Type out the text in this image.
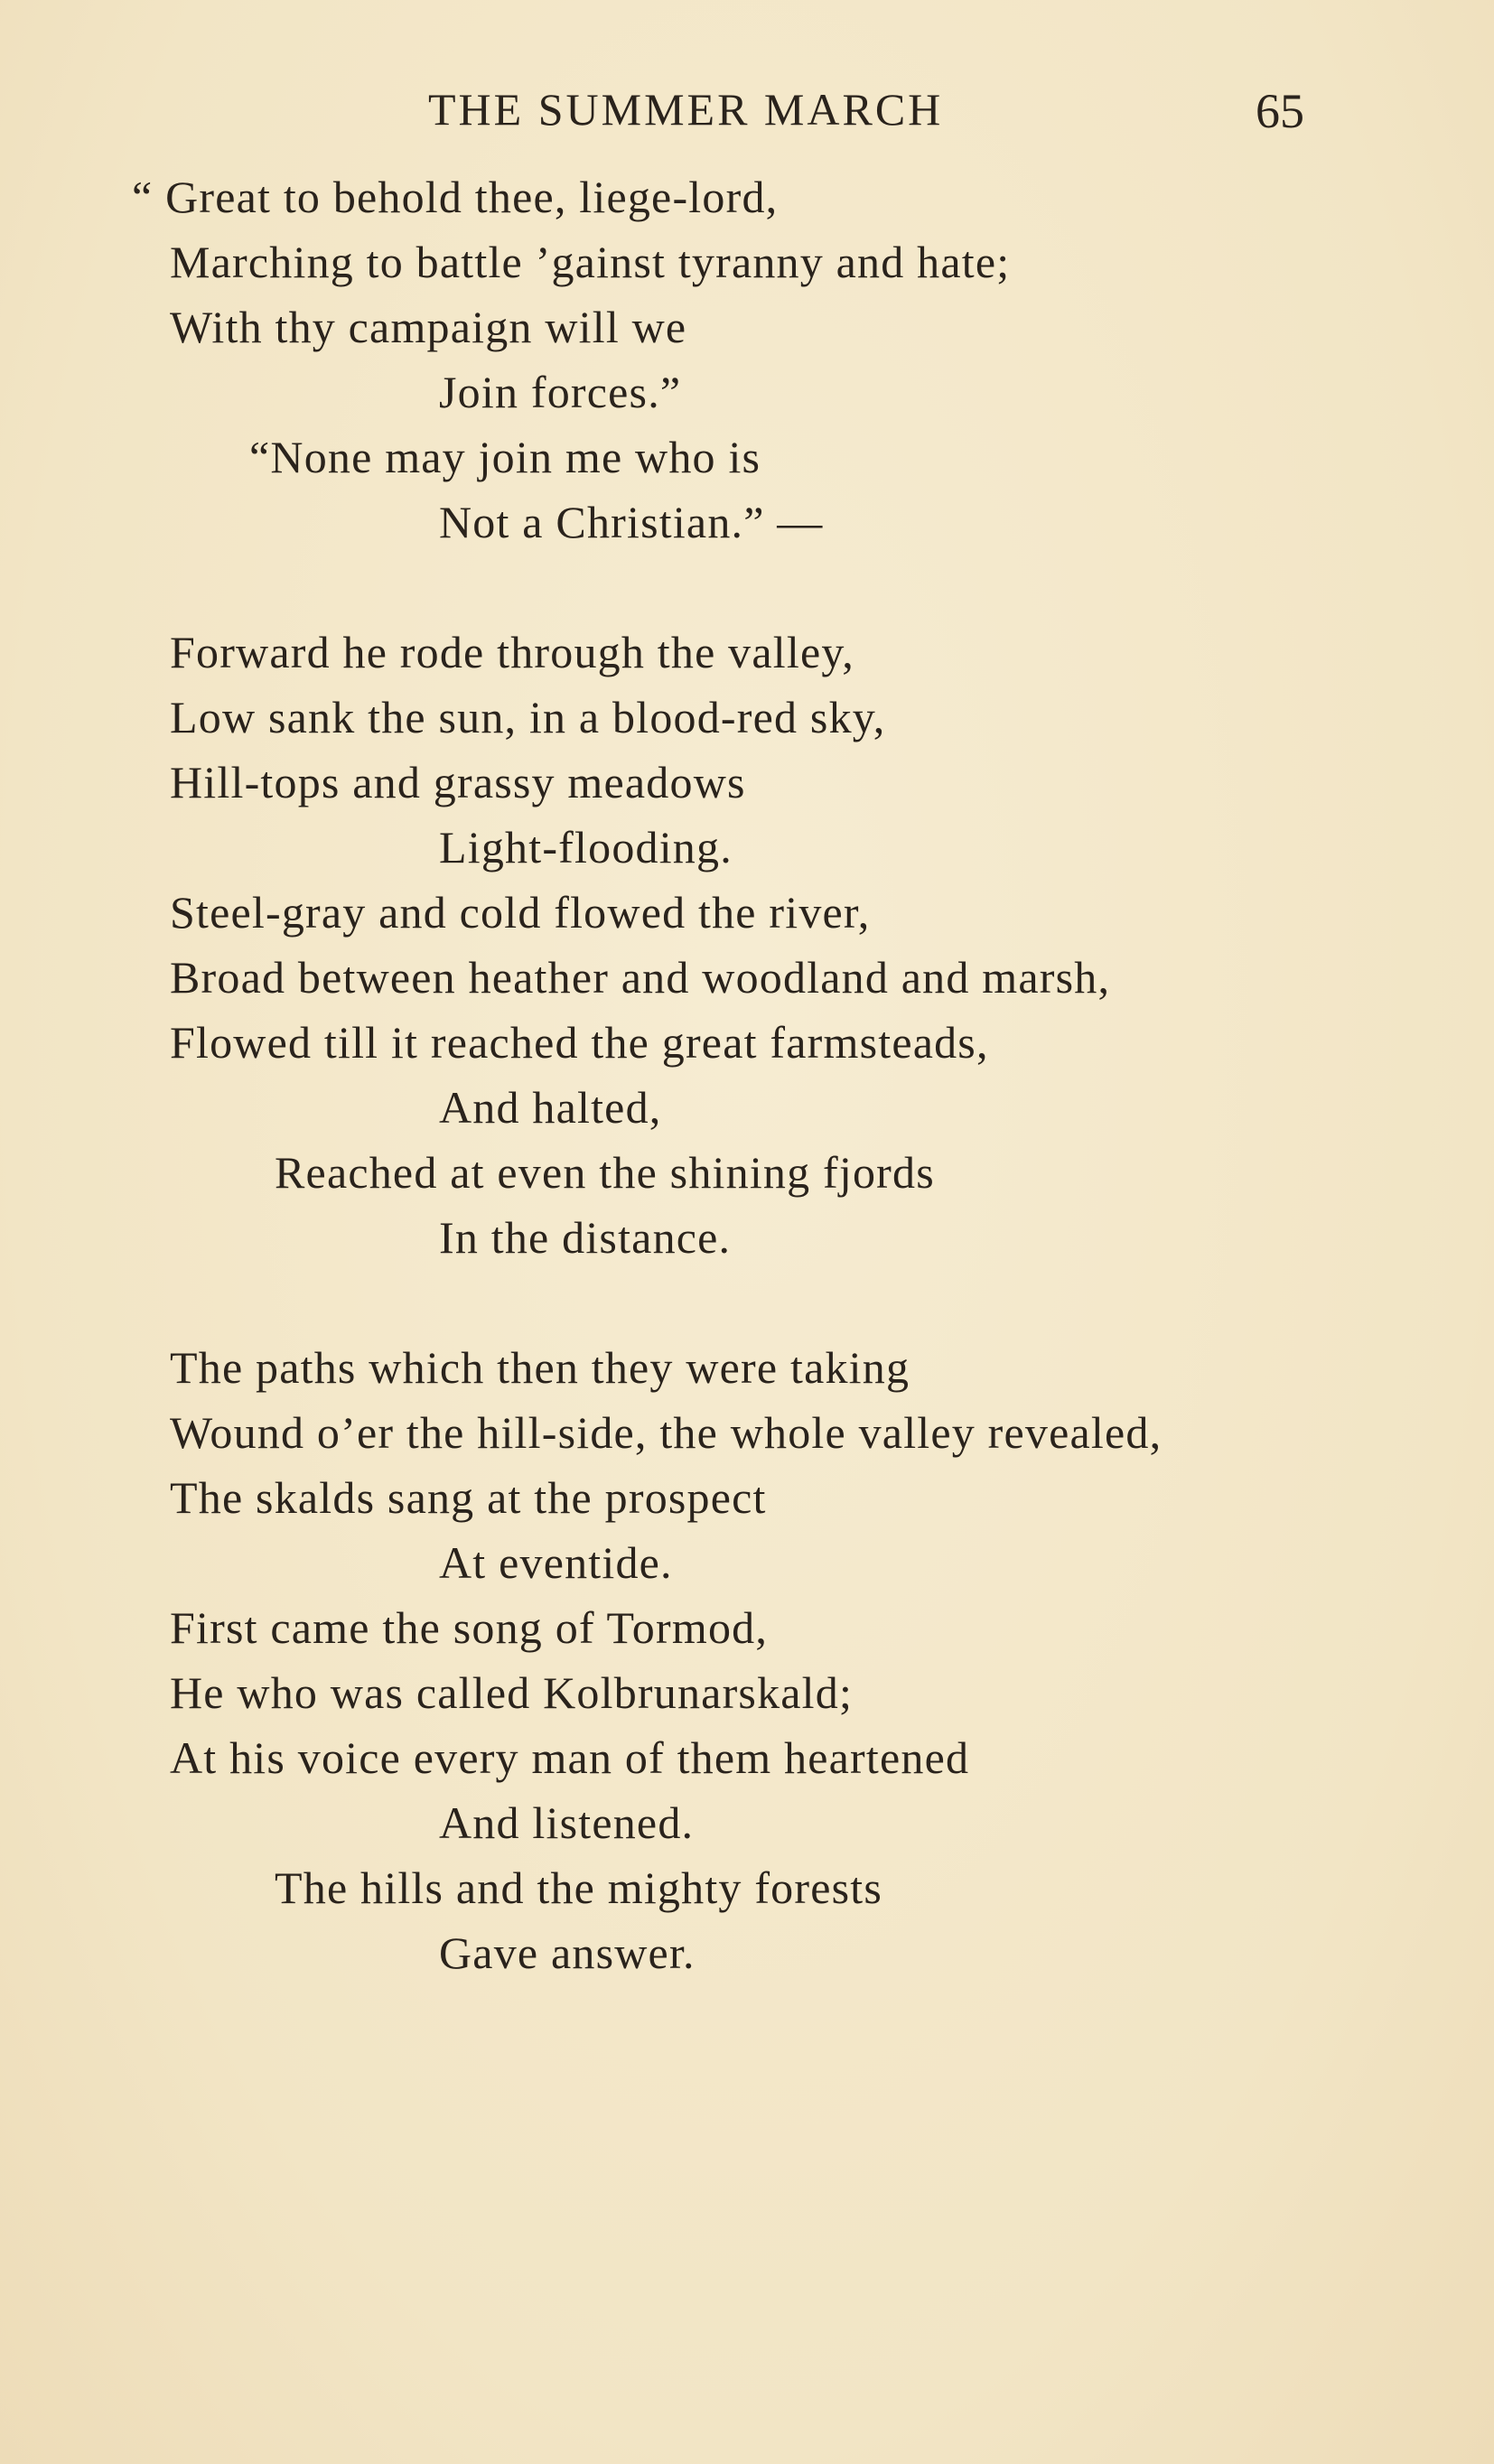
THE SUMMER MARCH	65
“ Great to behold thee, liege-lord,
Marching to battle ’gainst tyranny and hate;
With thy campaign will we
Join forces.”
“None may join me who is
Not a Christian.” —
Forward he rode through the valley,
Low sank the sun, in a blood-red sky,
Hill-tops and grassy meadows
Light-flooding.
Steel-gray and cold flowed the river,
Broad between heather and woodland and marsh,
Flowed till it reached the great farmsteads,
And halted,
Reached at even the shining fjords
In the distance.
The paths which then they were taking
Wound o’er the hill-side, the whole valley revealed,
The skalds sang at the prospect
At eventide.
First came the song of Tormod,
He who was called Kolbrunarskald;
At his voice every man of them heartened
And listened.
The hills and the mighty forests
Gave answer.
